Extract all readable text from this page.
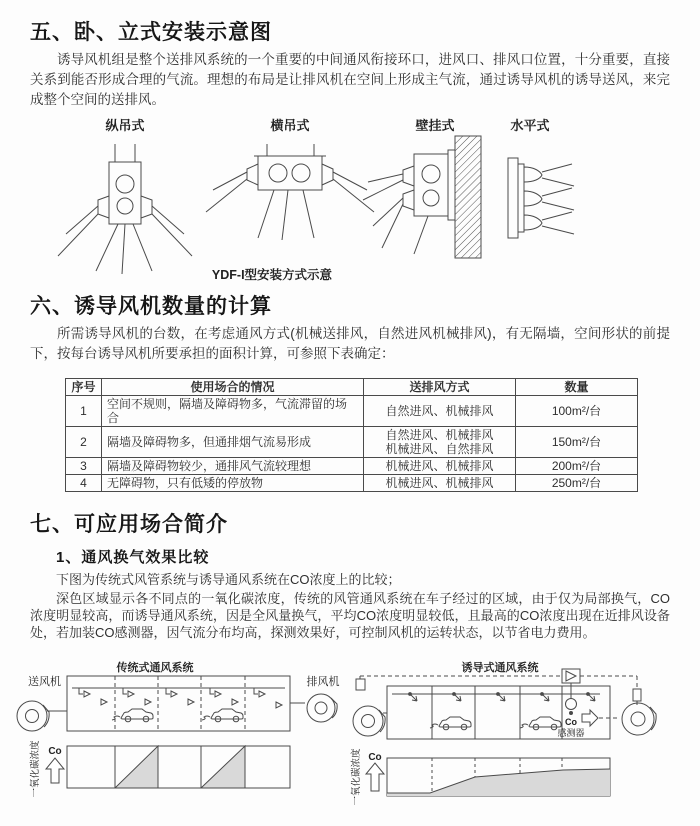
五、卧、立式安装示意图

诱导风机组是整个送排风系统的一个重要的中间通风衔接环口，进风口、排风口位置，十分重要，直接关系到能否形成合理的气流。理想的布局是让排风机在空间上形成主气流，通过诱导风机的诱导送风，来完成整个空间的送排风。

纵吊式	横吊式	壁挂式	水平式
YDF-I型安装方式示意
六、诱导风机数量的计算

所需诱导风机的台数，在考虑通风方式(机械送排风，自然进风机械排风)，有无隔墙，空间形状的前提下，按每台诱导风机所要承担的面积计算，可参照下表确定：

序号	使用场合的情况	送排风方式	数量
1	空间不规则，隔墙及障碍物多，气流滞留的场合	自然进风、机械排风	100m²/台
2	隔墙及障碍物多，但通排烟气流易形成	自然进风、机械排风
机械进风、自然排风	150m²/台
3	隔墙及障碍物较少，通排风气流较理想	机械进风、机械排风	200m²/台
4	无障碍物，只有低矮的停放物	机械进风、机械排风	250m²/台
七、可应用场合简介
1、通风换气效果比较

下图为传统式风管系统与诱导通风系统在CO浓度上的比较；

深色区域显示各不同点的一氧化碳浓度，传统的风管通风系统在车子经过的区域，由于仅为局部换气，CO浓度明显较高，而诱导通风系统，因是全风量换气，平均CO浓度明显较低，且最高的CO浓度出现在近排风设备处，若加装CO感测器，因气流分布均高，探测效果好，可控制风机的运转状态，以节省电力费用。

传统式通风系统
送风机
Co
一氧化碳浓度
排风机
诱导式通风系统
Co
一氧化碳浓度
Co
感测器
